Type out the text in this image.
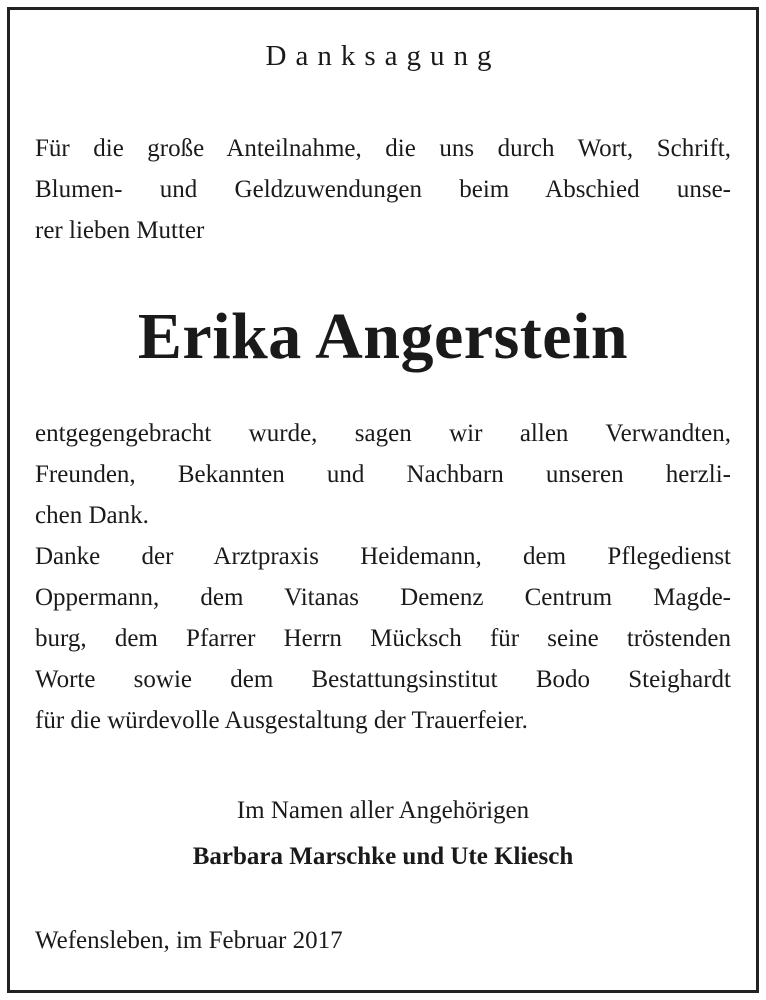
Danksagung
Für die große Anteilnahme, die uns durch Wort, Schrift,
Blumen- und Geldzuwendungen beim Abschied unse-
rer lieben Mutter
Erika Angerstein
entgegengebracht wurde, sagen wir allen Verwandten,
Freunden, Bekannten und Nachbarn unseren herzli-
chen Dank.
Danke der Arztpraxis Heidemann, dem Pflegedienst
Oppermann, dem Vitanas Demenz Centrum Magde-
burg, dem Pfarrer Herrn Mücksch für seine tröstenden
Worte sowie dem Bestattungsinstitut Bodo Steighardt
für die würdevolle Ausgestaltung der Trauerfeier.
Im Namen aller Angehörigen
Barbara Marschke und Ute Kliesch
Wefensleben, im Februar 2017
